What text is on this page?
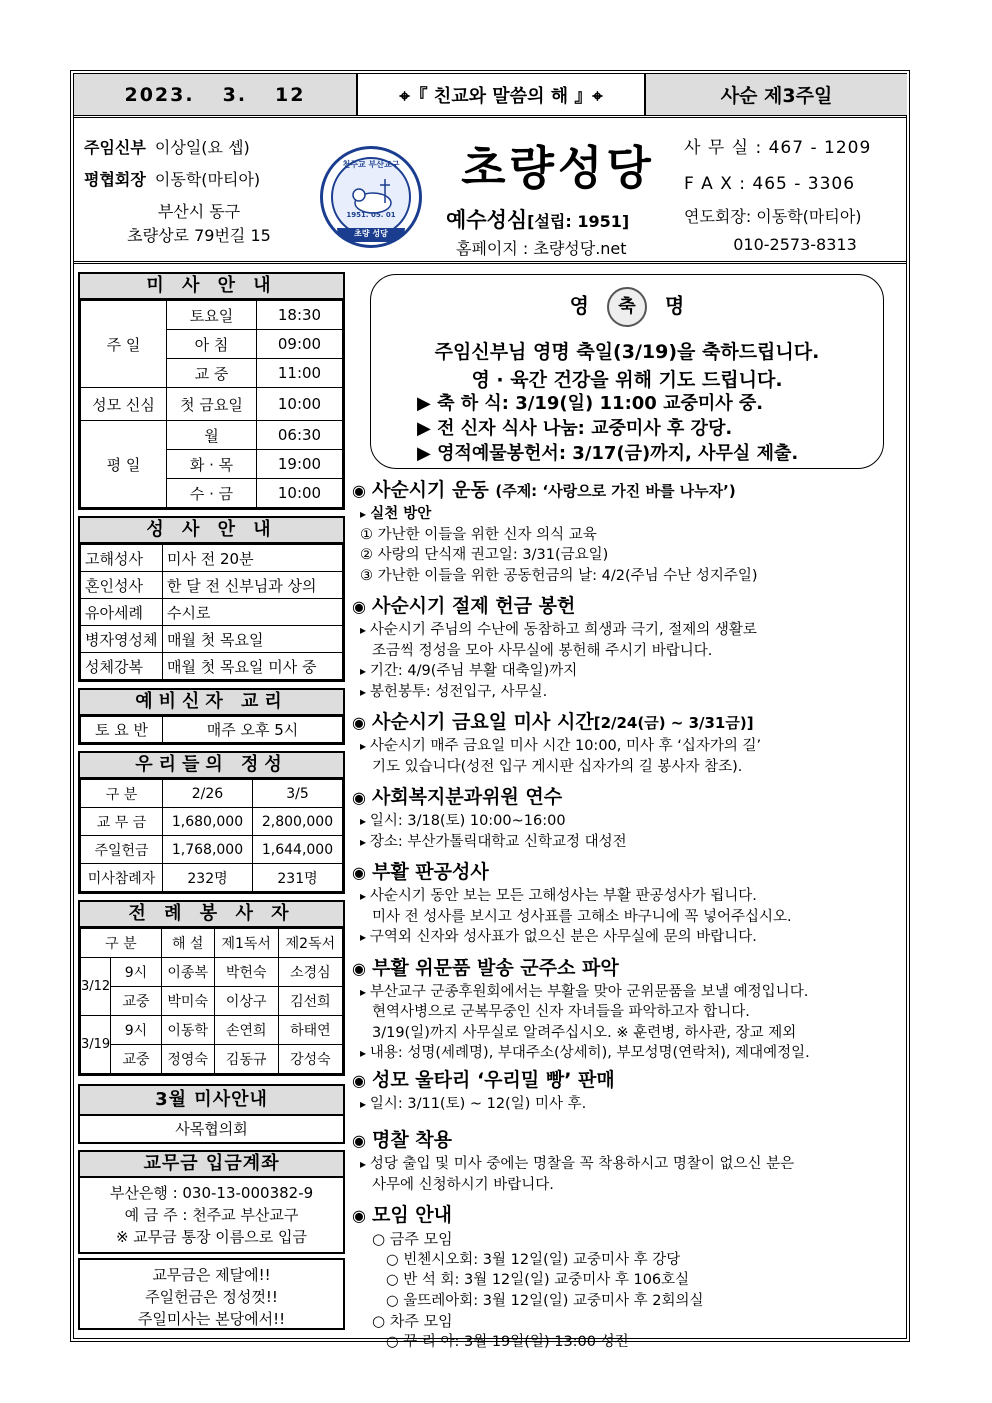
2023. 3. 12	⌖『 친교와 말씀의 해 』⌖	사순 제3주일
주임신부 이상일(요 셉)
평협회장 이동학(마티아)
부산시 동구
초량상로 79번길 15
천주교 부산교구
1951. 05. 01
초량 성당
초량성당
예수성심[설립: 1951]
홈페이지 : 초량성당.net
사 무 실 : 467 - 1209
F A X : 465 - 3306
연도회장: 이동학(마티아)
010-2573-8313
미 사 안 내
주 일	토요일	18:30
	아 침	09:00
	교 중	11:00
성모 신심	첫 금요일	10:00
평 일	월	06:30
	화 · 목	19:00
	수 · 금	10:00
성 사 안 내
고해성사	미사 전 20분
혼인성사	한 달 전 신부님과 상의
유아세례	수시로
병자영성체	매월 첫 목요일
성체강복	매월 첫 목요일 미사 중
예비신자 교리
토 요 반	매주 오후 5시
우리들의 정성
구 분	2/26	3/5
교 무 금	1,680,000	2,800,000
주일헌금	1,768,000	1,644,000
미사참례자	232명	231명
전 례 봉 사 자
구 분		해 설	제1독서	제2독서
3/12	9시	이종복	박헌숙	소경심
	교중	박미숙	이상구	김선희
3/19	9시	이동학	손연희	하태연
	교중	정영숙	김동규	강성숙
3월 미사안내
사목협의회
교무금 입금계좌
부산은행 : 030-13-000382-9
예 금 주 : 천주교 부산교구
※ 교무금 통장 이름으로 입금
교무금은 제달에!!
주일헌금은 정성껏!!
주일미사는 본당에서!!
영 축 명
주임신부님 영명 축일(3/19)을 축하드립니다.
영 · 육간 건강을 위해 기도 드립니다.
▶ 축 하 식: 3/19(일) 11:00 교중미사 중.
▶ 전 신자 식사 나눔: 교중미사 후 강당.
▶ 영적예물봉헌서: 3/17(금)까지, 사무실 제출.
◉ 사순시기 운동 (주제: ‘사랑으로 가진 바를 나누자’)
▸ 실천 방안
① 가난한 이들을 위한 신자 의식 교육
② 사랑의 단식재 권고일: 3/31(금요일)
③ 가난한 이들을 위한 공동헌금의 날: 4/2(주님 수난 성지주일)
◉ 사순시기 절제 헌금 봉헌
▸ 사순시기 주님의 수난에 동참하고 희생과 극기, 절제의 생활로
조금씩 정성을 모아 사무실에 봉헌해 주시기 바랍니다.
▸ 기간: 4/9(주님 부활 대축일)까지
▸ 봉헌봉투: 성전입구, 사무실.
◉ 사순시기 금요일 미사 시간[2/24(금) ~ 3/31금)]
▸ 사순시기 매주 금요일 미사 시간 10:00, 미사 후 ‘십자가의 길’
기도 있습니다(성전 입구 게시판 십자가의 길 봉사자 참조).
◉ 사회복지분과위원 연수
▸ 일시: 3/18(토) 10:00~16:00
▸ 장소: 부산가톨릭대학교 신학교정 대성전
◉ 부활 판공성사
▸ 사순시기 동안 보는 모든 고해성사는 부활 판공성사가 됩니다.
미사 전 성사를 보시고 성사표를 고해소 바구니에 꼭 넣어주십시오.
▸ 구역외 신자와 성사표가 없으신 분은 사무실에 문의 바랍니다.
◉ 부활 위문품 발송 군주소 파악
▸ 부산교구 군종후원회에서는 부활을 맞아 군위문품을 보낼 예정입니다.
현역사병으로 군복무중인 신자 자녀들을 파악하고자 합니다.
3/19(일)까지 사무실로 알려주십시오. ※ 훈련병, 하사관, 장교 제외
▸ 내용: 성명(세례명), 부대주소(상세히), 부모성명(연락처), 제대예정일.
◉ 성모 울타리 ‘우리밀 빵’ 판매
▸ 일시: 3/11(토) ~ 12(일) 미사 후.
◉ 명찰 착용
▸ 성당 출입 및 미사 중에는 명찰을 꼭 착용하시고 명찰이 없으신 분은
사무에 신청하시기 바랍니다.
◉ 모임 안내
○ 금주 모임
○ 빈첸시오회: 3월 12일(일) 교중미사 후 강당
○ 반 석 회: 3월 12일(일) 교중미사 후 106호실
○ 울뜨레아회: 3월 12일(일) 교중미사 후 2회의실
○ 차주 모임
○ 꾸 리 아: 3월 19일(일) 13:00 성전
